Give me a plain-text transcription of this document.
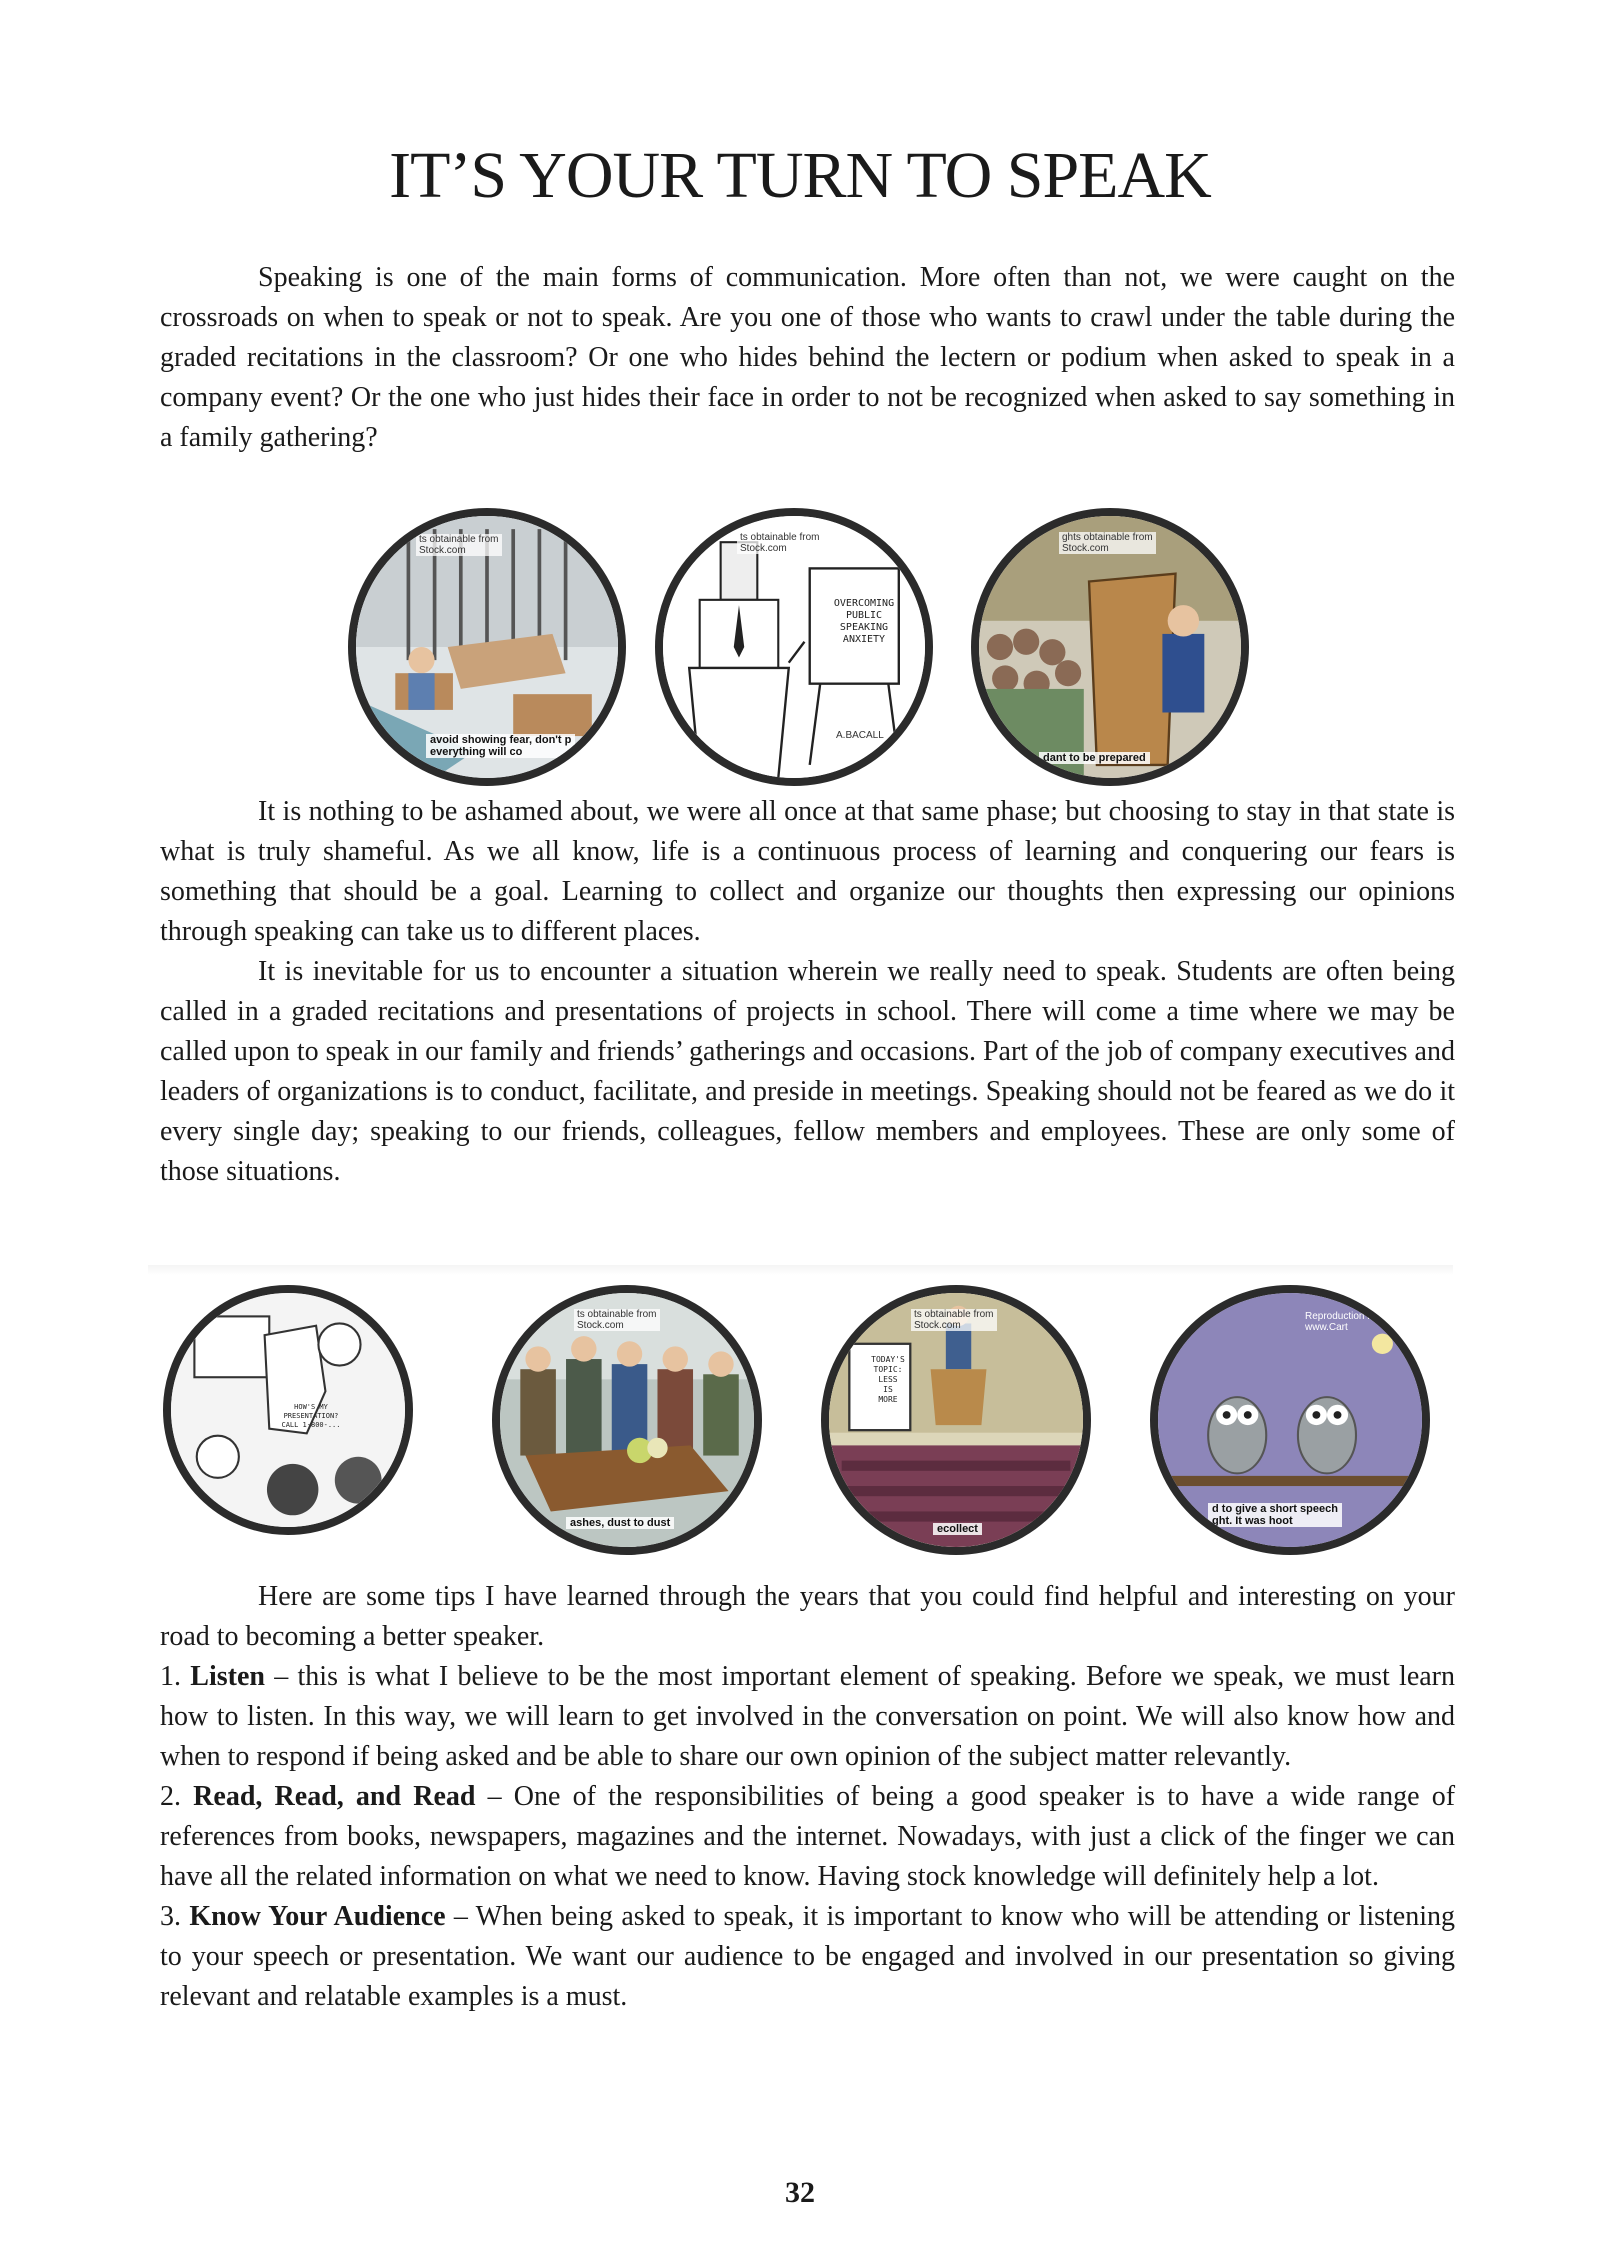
IT’S YOUR TURN TO SPEAK

Speaking is one of the main forms of communication. More often than not, we were caught on the crossroads on when to speak or not to speak. Are you one of those who wants to crawl under the table during the graded recitations in the classroom? Or one who hides behind the lectern or podium when asked to speak in a company event? Or the one who just hides their face in order to not be recognized when asked to say something in a family gathering?

ts obtainable from
Stock.com
avoid showing fear, don't p
everything will co
OVERCOMING
PUBLIC
SPEAKING
ANXIETY
ts obtainable from
Stock.com
A.BACALL
ghts obtainable from
Stock.com
dant to be prepared

It is nothing to be ashamed about, we were all once at that same phase; but choosing to stay in that state is what is truly shameful. As we all know, life is a continuous process of learning and conquering our fears is something that should be a goal. Learning to collect and organize our thoughts then expressing our opinions through speaking can take us to different places.

It is inevitable for us to encounter a situation wherein we really need to speak. Students are often being called in a graded recitations and presentations of projects in school. There will come a time where we may be called upon to speak in our family and friends’ gatherings and occasions. Part of the job of company executives and leaders of organizations is to conduct, facilitate, and preside in meetings. Speaking should not be feared as we do it every single day; speaking to our friends, colleagues, fellow members and employees. These are only some of those situations.

HOW'S MY
PRESENTATION?
CALL 1-800-...
ts obtainable from
Stock.com
ashes, dust to dust
TODAY'S
TOPIC:
LESS
IS
MORE
ts obtainable from
Stock.com
ecollect
Reproduction Rights
www.Cart
d to give a short speech
ght. It was hoot

Here are some tips I have learned through the years that you could find helpful and interesting on your road to becoming a better speaker.

1. Listen – this is what I believe to be the most important element of speaking. Before we speak, we must learn how to listen. In this way, we will learn to get involved in the conversation on point. We will also know how and when to respond if being asked and be able to share our own opinion of the subject matter relevantly.

2. Read, Read, and Read – One of the responsibilities of being a good speaker is to have a wide range of references from books, newspapers, magazines and the internet. Nowadays, with just a click of the finger we can have all the related information on what we need to know. Having stock knowledge will definitely help a lot.

3. Know Your Audience – When being asked to speak, it is important to know who will be attending or listening to your speech or presentation. We want our audience to be engaged and involved in our presentation so giving relevant and relatable examples is a must.

32
